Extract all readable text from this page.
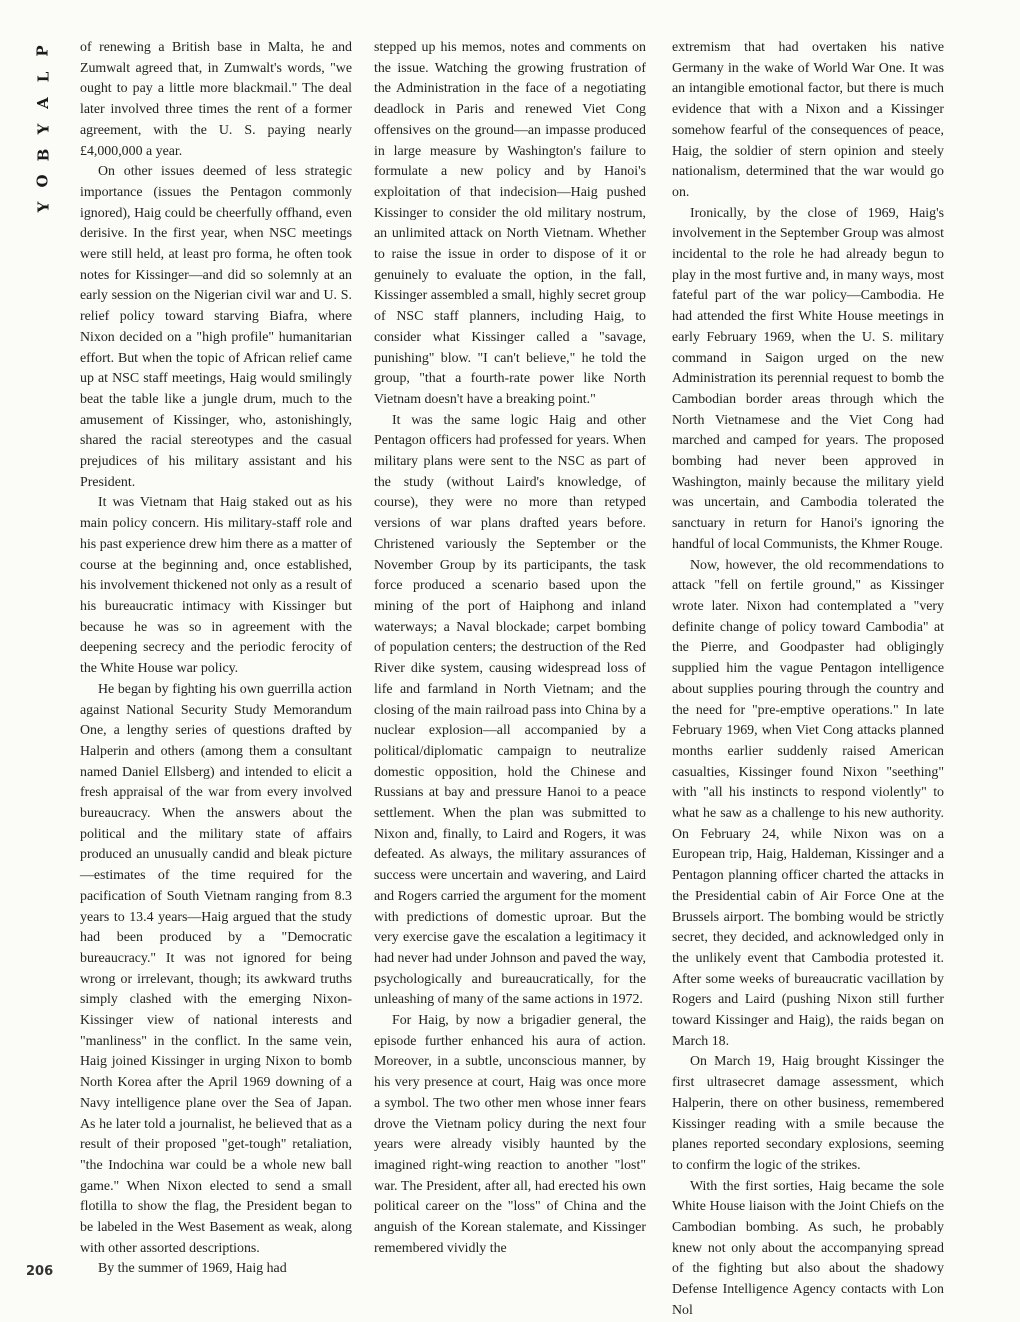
P
L
A
Y
B
O
Y
206

of renewing a British base in Malta, he and Zumwalt agreed that, in Zumwalt's words, "we ought to pay a little more blackmail." The deal later involved three times the rent of a former agreement, with the U. S. paying nearly £4,000,000 a year.

On other issues deemed of less strategic importance (issues the Pentagon commonly ignored), Haig could be cheerfully offhand, even derisive. In the first year, when NSC meetings were still held, at least pro forma, he often took notes for Kissinger—and did so solemnly at an early session on the Nigerian civil war and U. S. relief policy toward starving Biafra, where Nixon decided on a "high profile" humanitarian effort. But when the topic of African relief came up at NSC staff meetings, Haig would smilingly beat the table like a jungle drum, much to the amusement of Kissinger, who, astonishingly, shared the racial stereotypes and the casual prejudices of his military assistant and his President.

It was Vietnam that Haig staked out as his main policy concern. His military-staff role and his past experience drew him there as a matter of course at the beginning and, once established, his involvement thickened not only as a result of his bureaucratic intimacy with Kissinger but because he was so in agreement with the deepening secrecy and the periodic ferocity of the White House war policy.

He began by fighting his own guerrilla action against National Security Study Memorandum One, a lengthy series of questions drafted by Halperin and others (among them a consultant named Daniel Ellsberg) and intended to elicit a fresh appraisal of the war from every involved bureaucracy. When the answers about the political and the military state of affairs produced an unusually candid and bleak picture—estimates of the time required for the pacification of South Vietnam ranging from 8.3 years to 13.4 years—Haig argued that the study had been produced by a "Democratic bureaucracy." It was not ignored for being wrong or irrelevant, though; its awkward truths simply clashed with the emerging Nixon-Kissinger view of national interests and "manliness" in the conflict. In the same vein, Haig joined Kissinger in urging Nixon to bomb North Korea after the April 1969 downing of a Navy intelligence plane over the Sea of Japan. As he later told a journalist, he believed that as a result of their proposed "get-tough" retaliation, "the Indochina war could be a whole new ball game." When Nixon elected to send a small flotilla to show the flag, the President began to be labeled in the West Basement as weak, along with other assorted descriptions.

By the summer of 1969, Haig had

stepped up his memos, notes and comments on the issue. Watching the growing frustration of the Administration in the face of a negotiating deadlock in Paris and renewed Viet Cong offensives on the ground—an impasse produced in large measure by Washington's failure to formulate a new policy and by Hanoi's exploitation of that indecision—Haig pushed Kissinger to consider the old military nostrum, an unlimited attack on North Vietnam. Whether to raise the issue in order to dispose of it or genuinely to evaluate the option, in the fall, Kissinger assembled a small, highly secret group of NSC staff planners, including Haig, to consider what Kissinger called a "savage, punishing" blow. "I can't believe," he told the group, "that a fourth-rate power like North Vietnam doesn't have a breaking point."

It was the same logic Haig and other Pentagon officers had professed for years. When military plans were sent to the NSC as part of the study (without Laird's knowledge, of course), they were no more than retyped versions of war plans drafted years before. Christened variously the September or the November Group by its participants, the task force produced a scenario based upon the mining of the port of Haiphong and inland waterways; a Naval blockade; carpet bombing of population centers; the destruction of the Red River dike system, causing widespread loss of life and farmland in North Vietnam; and the closing of the main railroad pass into China by a nuclear explosion—all accompanied by a political/diplomatic campaign to neutralize domestic opposition, hold the Chinese and Russians at bay and pressure Hanoi to a peace settlement. When the plan was submitted to Nixon and, finally, to Laird and Rogers, it was defeated. As always, the military assurances of success were uncertain and wavering, and Laird and Rogers carried the argument for the moment with predictions of domestic uproar. But the very exercise gave the escalation a legitimacy it had never had under Johnson and paved the way, psychologically and bureaucratically, for the unleashing of many of the same actions in 1972.

For Haig, by now a brigadier general, the episode further enhanced his aura of action. Moreover, in a subtle, unconscious manner, by his very presence at court, Haig was once more a symbol. The two other men whose inner fears drove the Vietnam policy during the next four years were already visibly haunted by the imagined right-wing reaction to another "lost" war. The President, after all, had erected his own political career on the "loss" of China and the anguish of the Korean stalemate, and Kissinger remembered vividly the

extremism that had overtaken his native Germany in the wake of World War One. It was an intangible emotional factor, but there is much evidence that with a Nixon and a Kissinger somehow fearful of the consequences of peace, Haig, the soldier of stern opinion and steely nationalism, determined that the war would go on.

Ironically, by the close of 1969, Haig's involvement in the September Group was almost incidental to the role he had already begun to play in the most furtive and, in many ways, most fateful part of the war policy—Cambodia. He had attended the first White House meetings in early February 1969, when the U. S. military command in Saigon urged on the new Administration its perennial request to bomb the Cambodian border areas through which the North Vietnamese and the Viet Cong had marched and camped for years. The proposed bombing had never been approved in Washington, mainly because the military yield was uncertain, and Cambodia tolerated the sanctuary in return for Hanoi's ignoring the handful of local Communists, the Khmer Rouge.

Now, however, the old recommendations to attack "fell on fertile ground," as Kissinger wrote later. Nixon had contemplated a "very definite change of policy toward Cambodia" at the Pierre, and Goodpaster had obligingly supplied him the vague Pentagon intelligence about supplies pouring through the country and the need for "pre-emptive operations." In late February 1969, when Viet Cong attacks planned months earlier suddenly raised American casualties, Kissinger found Nixon "seething" with "all his instincts to respond violently" to what he saw as a challenge to his new authority. On February 24, while Nixon was on a European trip, Haig, Haldeman, Kissinger and a Pentagon planning officer charted the attacks in the Presidential cabin of Air Force One at the Brussels airport. The bombing would be strictly secret, they decided, and acknowledged only in the unlikely event that Cambodia protested it. After some weeks of bureaucratic vacillation by Rogers and Laird (pushing Nixon still further toward Kissinger and Haig), the raids began on March 18.

On March 19, Haig brought Kissinger the first ultrasecret damage assessment, which Halperin, there on other business, remembered Kissinger reading with a smile because the planes reported secondary explosions, seeming to confirm the logic of the strikes.

With the first sorties, Haig became the sole White House liaison with the Joint Chiefs on the Cambodian bombing. As such, he probably knew not only about the accompanying spread of the fighting but also about the shadowy Defense Intelligence Agency contacts with Lon Nol
